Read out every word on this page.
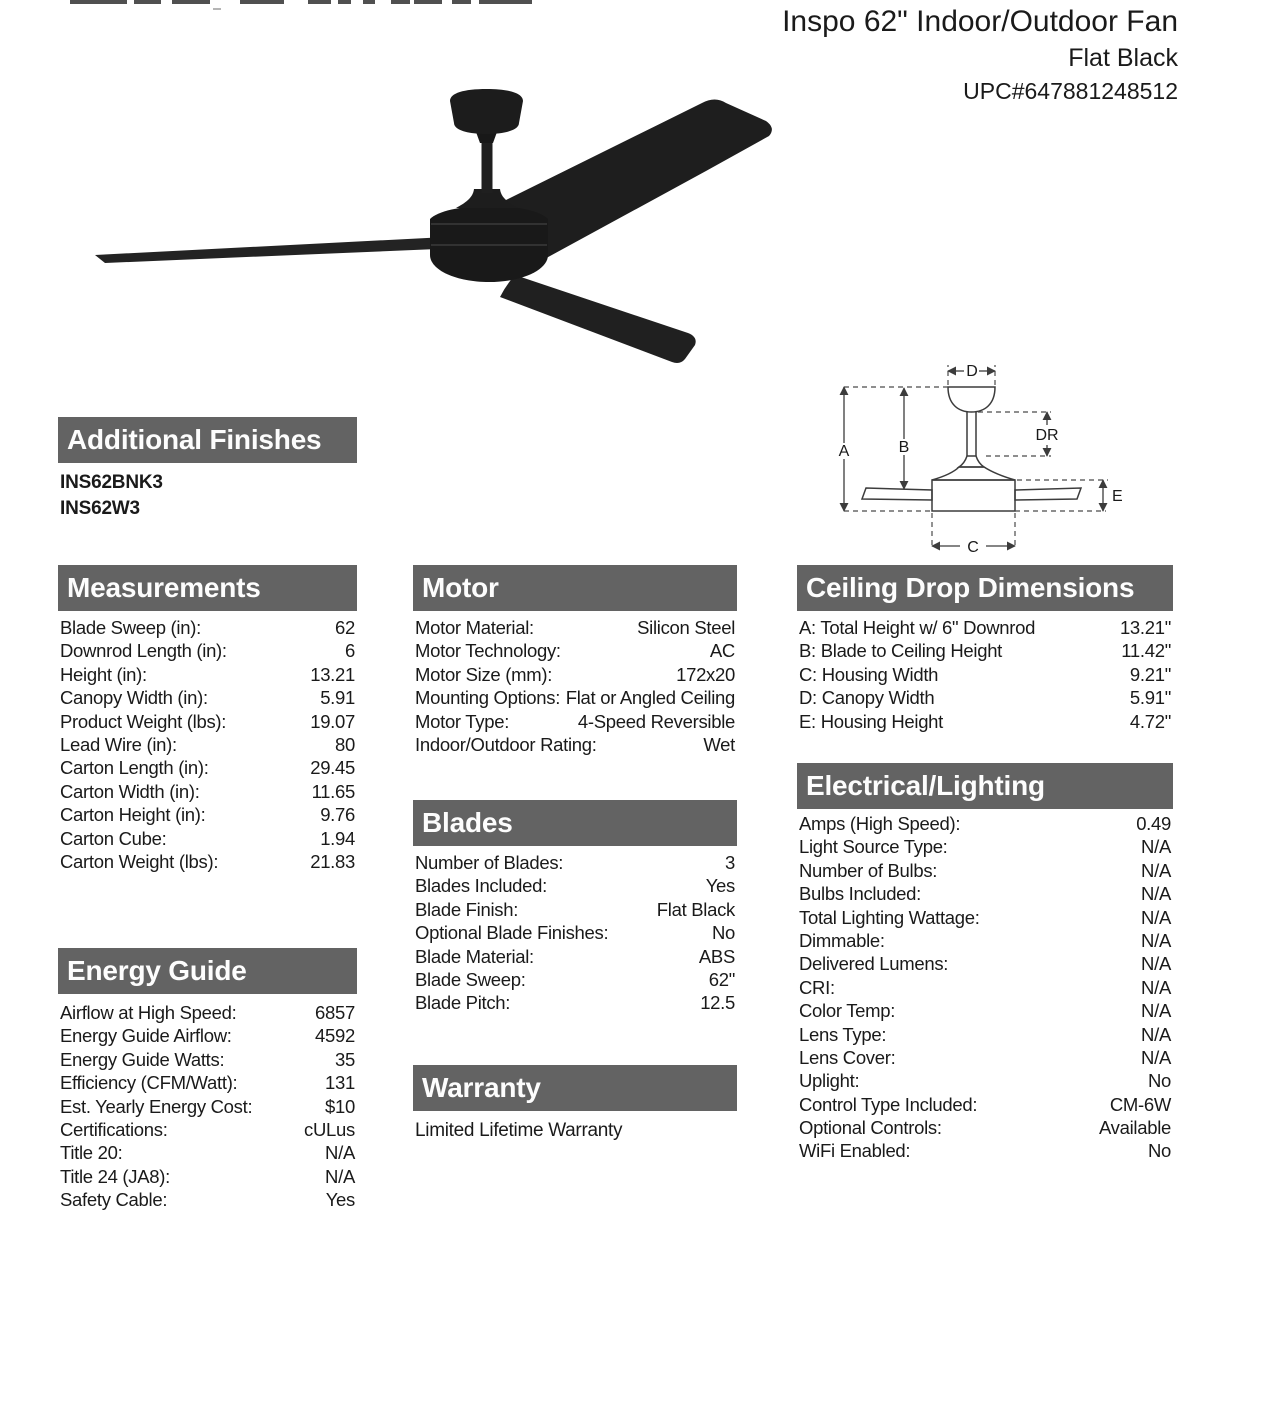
Inspo 62" Indoor/Outdoor Fan
Flat Black
UPC#647881248512
A	B
D
DR
E
C
Additional Finishes
INS62BNK3
INS62W3
Measurements
Blade Sweep (in):	62
Downrod Length (in):	6
Height (in):	13.21
Canopy Width (in):	5.91
Product Weight (lbs):	19.07
Lead Wire (in):	80
Carton Length (in):	29.45
Carton Width (in):	11.65
Carton Height (in):	9.76
Carton Cube:	1.94
Carton Weight (lbs):	21.83
Energy Guide
Airflow at High Speed:	6857
Energy Guide Airflow:	4592
Energy Guide Watts:	35
Efficiency (CFM/Watt):	131
Est. Yearly Energy Cost:	$10
Certifications:	cULus
Title 20:	N/A
Title 24 (JA8):	N/A
Safety Cable:	Yes
Motor
Motor Material:	Silicon Steel
Motor Technology:	AC
Motor Size (mm):	172x20
Mounting Options: Flat or Angled Ceiling
Motor Type:	4-Speed Reversible
Indoor/Outdoor Rating:	Wet
Blades
Number of Blades:	3
Blades Included:	Yes
Blade Finish:	Flat Black
Optional Blade Finishes:	No
Blade Material:	ABS
Blade Sweep:	62"
Blade Pitch:	12.5
Warranty
Limited Lifetime Warranty
Ceiling Drop Dimensions
A: Total Height w/ 6" Downrod	13.21"
B: Blade to Ceiling Height	11.42"
C: Housing Width	9.21"
D: Canopy Width	5.91"
E: Housing Height	4.72"
Electrical/Lighting
Amps (High Speed):	0.49
Light Source Type:	N/A
Number of Bulbs:	N/A
Bulbs Included:	N/A
Total Lighting Wattage:	N/A
Dimmable:	N/A
Delivered Lumens:	N/A
CRI:	N/A
Color Temp:	N/A
Lens Type:	N/A
Lens Cover:	N/A
Uplight:	No
Control Type Included:	CM-6W
Optional Controls:	Available
WiFi Enabled:	No
